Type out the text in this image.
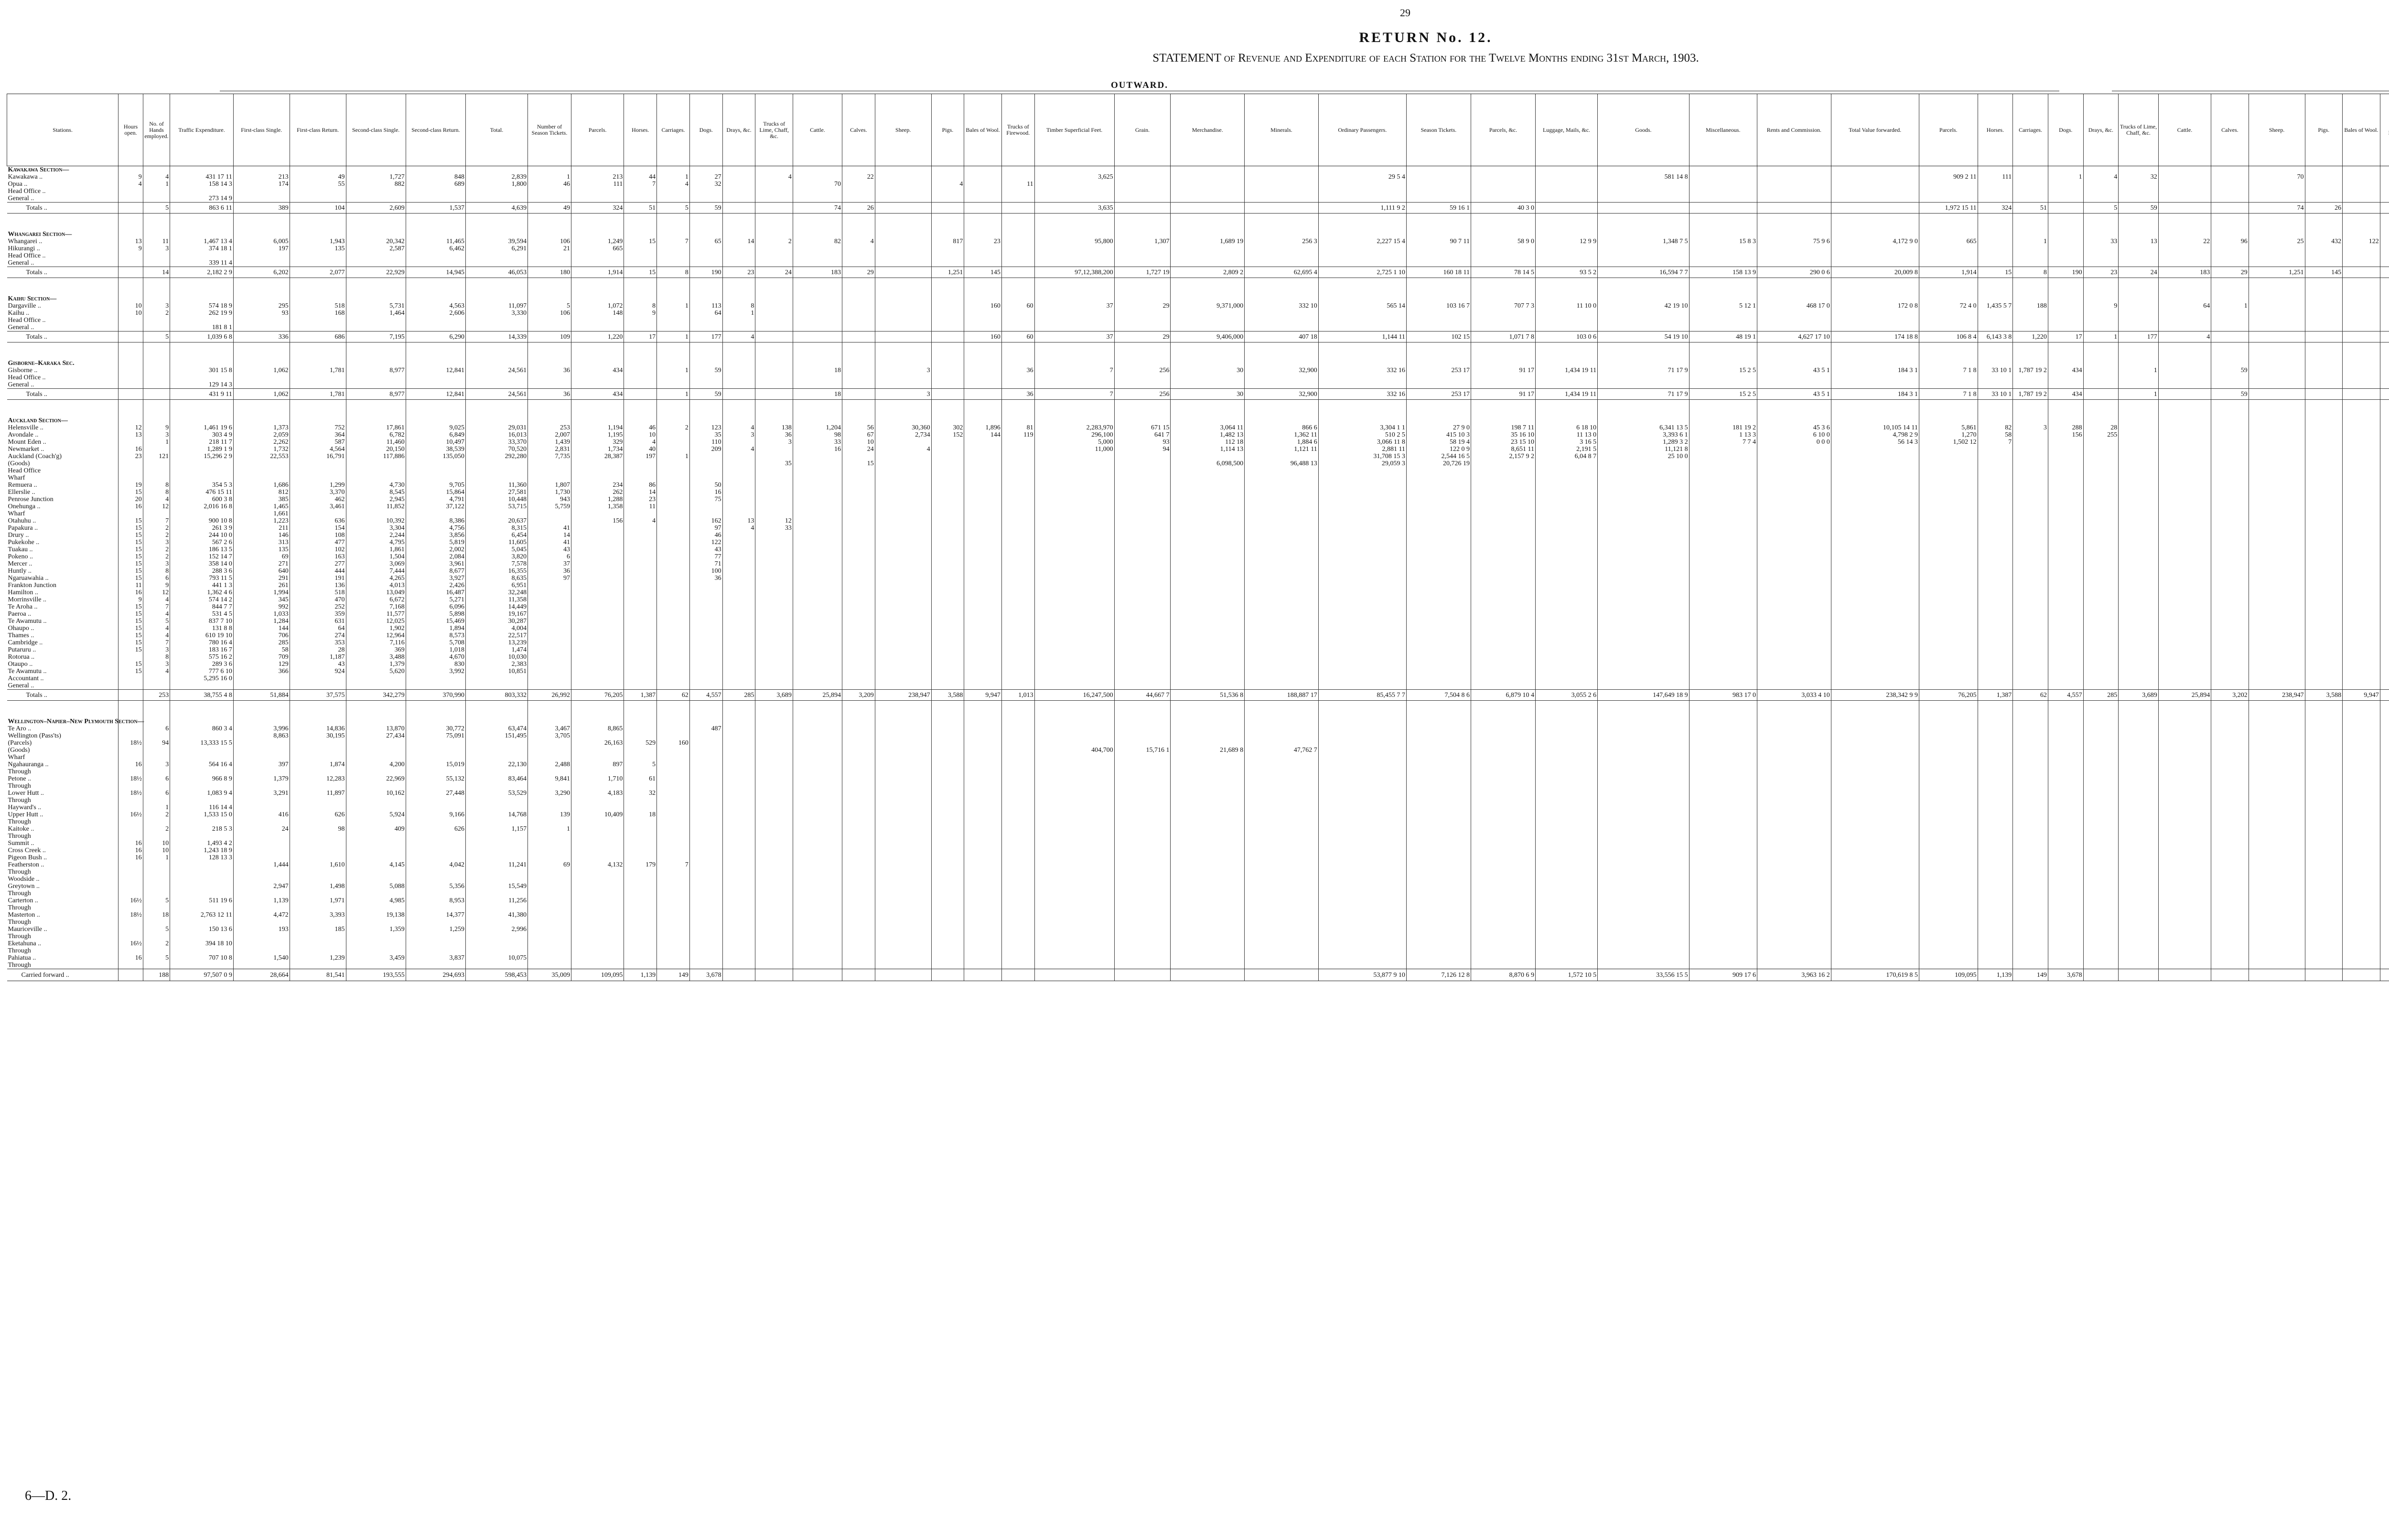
29
RETURN No. 12.
STATEMENT of Revenue and Expenditure of each Station for the Twelve Months ending 31st March, 1903.
OUTWARD.
Stations.	Hours open.	No. of Hands employed.	Traffic Expenditure.	First-class Single.	First-class Return.	Second-class Single.	Second-class Return.	Total.	Number of Season Tickets.	Parcels.	Horses.	Carriages.	Dogs.	Drays, &c.	Trucks of Lime, Chaff, &c.	Cattle.	Calves.	Sheep.	Pigs.	Bales of Wool.	Trucks of Firewood.	Timber Superficial Feet.	Grain.	Merchandise.	Minerals.	Ordinary Passengers.	Season Tickets.	Parcels, &c.	Luggage, Mails, &c.	Goods.	Miscellaneous.	Rents and Commission.	Total Value forwarded.	Parcels.	Horses.	Carriages.	Dogs.	Drays, &c.	Trucks of Lime, Chaff, &c.	Cattle.	Calves.	Sheep.	Pigs.	Bales of Wool.						
Kawakawa Section—																																																		
Kawakawa ..	9	4	431 17 11	213	49	1,727	848	2,839	1	213	44	1	27		4		22					3,625				29 5 4				581 14 8				909 2 11	111		1	4	32			70								
Opua ..	4	1	158 14 3	174	55	882	689	1,800	46	111	7	4	32			70			4		11																													
Head Office ..																																																		
General ..			273 14 9																																															
Totals ..		5	863 6 11	389	104	2,609	1,537	4,639	49	324	51	5	59			74	26					3,635				1,111 9 2	59 16 1	40 3 0						1,972 15 11	324	51		5	59			74	26							

Whangarei Section—																																																		
Whangarei ..	13	11	1,467 13 4	6,005	1,943	20,342	11,465	39,594	106	1,249	15	7	65	14	2	82	4		817	23		95,800	1,307	1,689 19	256 3	2,227 15 4	90 7 11	58 9 0	12 9 9	1,348 7 5	15 8 3	75 9 6	4,172 9 0	665		1		33	13	22	96	25	432	122						
Hikurangi ..	9	3	374 18 1	197	135	2,587	6,462	6,291	21	665																																								
Head Office ..																																																		
General ..			339 11 4																																															
Totals ..		14	2,182 2 9	6,202	2,077	22,929	14,945	46,053	180	1,914	15	8	190	23	24	183	29		1,251	145		97,12,388,200	1,727 19	2,809 2	62,695 4	2,725 1 10	160 18 11	78 14 5	93 5 2	16,594 7 7	158 13 9	290 0 6	20,009 8	1,914	15	8	190	23	24	183	29	1,251	145							

Kaihu Section—																																																		
Dargaville ..	10	3	574 18 9	295	518	5,731	4,563	11,097	5	1,072	8	1	113	8						160	60	37	29	9,371,000	332 10	565 14	103 16 7	707 7 3	11 10 0	42 19 10	5 12 1	468 17 0	172 0 8	72 4 0	1,435 5 7	188		9		64	1									
Kaihu ..	10	2	262 19 9	93	168	1,464	2,606	3,330	106	148	9		64	1																																				
Head Office ..																																																		
General ..			181 8 1																																															
Totals ..		5	1,039 6 8	336	686	7,195	6,290	14,339	109	1,220	17	1	177	4						160	60	37	29	9,406,000	407 18	1,144 11	102 15	1,071 7 8	103 0 6	54 19 10	48 19 1	4,627 17 10	174 18 8	106 8 4	6,143 3 8	1,220	17	1	177	4										

Gisborne–Karaka Sec.																																																		
Gisborne ..			301 15 8	1,062	1,781	8,977	12,841	24,561	36	434		1	59			18		3			36	7	256	30	32,900	332 16	253 17	91 17	1,434 19 11	71 17 9	15 2 5	43 5 1	184 3 1	7 1 8	33 10 1	1,787 19 2	434		1		59									
Head Office ..																																																		
General ..			129 14 3																																															
Totals ..			431 9 11	1,062	1,781	8,977	12,841	24,561	36	434		1	59			18		3			36	7	256	30	32,900	332 16	253 17	91 17	1,434 19 11	71 17 9	15 2 5	43 5 1	184 3 1	7 1 8	33 10 1	1,787 19 2	434		1		59									

Auckland Section—																																																		
Helensville ..	12	9	1,461 19 6	1,373	752	17,861	9,025	29,031	253	1,194	46	2	123	4	138	1,204	56	30,360	302	1,896	81	2,283,970	671 15	3,064 11	866 6	3,304 1 1	27 9 0	198 7 11	6 18 10	6,341 13 5	181 19 2	45 3 6	10,105 14 11	5,861	82	3	288	28												
Avondale ..	13	3	303 4 9	2,059	364	6,782	6,849	16,013	2,007	1,195	10		35	3	36	98	67	2,734	152	144	119	296,100	641 7	1,482 13	1,362 11	510 2 5	415 10 3	35 16 10	11 13 0	3,393 6 1	1 13 3	6 10 0	4,798 2 9	1,270	58		156	255												
Mount Eden ..		1	218 11 7	2,262	587	11,460	10,497	33,370	1,439	329	4		110		3	33	10					5,000	93	112 18	1,884 6	3,066 11 8	58 19 4	23 15 10	3 16 5	1,289 3 2	7 7 4	0 0 0	56 14 3	1,502 12	7															
Newmarket ..	16		1,289 1 9	1,732	4,564	20,150	38,539	70,520	2,831	1,734	40		209	4		16	24	4				11,000	94	1,114 13	1,121 11	2,881 11	122 0 9	8,651 11	2,191 5	11,121 8																				
Auckland (Coach'g)	23	121	15,296 2 9	22,553	16,791	117,886	135,050	292,280	7,735	28,387	197	1														31,708 15 3	2,544 16 5	2,157 9 2	6,04 8 7	25 10 0																				
(Goods)															35		15							6,098,500	96,488 13	29,059 3	20,726 19																							
Head Office																																																		
Wharf																																																		
Remuera ..	19	8	354 5 3	1,686	1,299	4,730	9,705	11,360	1,807	234	86		50																																					
Ellerslie ..	15	8	476 15 11	812	3,370	8,545	15,864	27,581	1,730	262	14		16																																					
Penrose Junction	20	4	600 3 8	385	462	2,945	4,791	10,448	943	1,288	23		75																																					
Onehunga ..	16	12	2,016 16 8	1,465	3,461	11,852	37,122	53,715	5,759	1,358	11																																							
Wharf				1,661																																														
Otahuhu ..	15	7	900 10 8	1,223	636	10,392	8,386	20,637		156	4		162	13	12																																			
Papakura ..	15	2	261 3 9	211	154	3,304	4,756	8,315	41				97	4	33																																			
Drury ..	15	2	244 10 0	146	108	2,244	3,856	6,454	14				46																																					
Pukekohe ..	15	3	567 2 6	313	477	4,795	5,819	11,605	41				122																																					
Tuakau ..	15	2	186 13 5	135	102	1,861	2,002	5,045	43				43																																					
Pokeno ..	15	2	152 14 7	69	163	1,504	2,084	3,820	6				77																																					
Mercer ..	15	3	358 14 0	271	277	3,069	3,961	7,578	37				71																																					
Huntly ..	15	8	288 3 6	640	444	7,444	8,677	16,355	36				100																																					
Ngaruawahia ..	15	6	793 11 5	291	191	4,265	3,927	8,635	97				36																																					
Frankton Junction	11	9	441 1 3	261	136	4,013	2,426	6,951																																										
Hamilton ..	16	12	1,362 4 6	1,994	518	13,049	16,487	32,248																																										
Morrinsville ..	9	4	574 14 2	345	470	6,672	5,271	11,358																																										
Te Aroha ..	15	7	844 7 7	992	252	7,168	6,096	14,449																																										
Paeroa ..	15	4	531 4 5	1,033	359	11,577	5,898	19,167																																										
Te Awamutu ..	15	5	837 7 10	1,284	631	12,025	15,469	30,287																																										
Ohaupo ..	15	4	131 8 8	144	64	1,902	1,894	4,004																																										
Thames ..	15	4	610 19 10	706	274	12,964	8,573	22,517																																										
Cambridge ..	15	7	780 16 4	285	353	7,116	5,708	13,239																																										
Putaruru ..	15	3	183 16 7	58	28	369	1,018	1,474																																										
Rotorua ..		8	575 16 2	709	1,187	3,488	4,670	10,030																																										
Otaupo ..	15	3	289 3 6	129	43	1,379	830	2,383																																										
Te Awamutu ..	15	4	777 6 10	366	924	5,620	3,992	10,851																																										
Accountant ..			5,295 16 0																																															
General ..																																																		
Totals ..		253	38,755 4 8	51,884	37,575	342,279	370,990	803,332	26,992	76,205	1,387	62	4,557	285	3,689	25,894	3,209	238,947	3,588	9,947	1,013	16,247,500	44,667 7	51,536 8	188,887 17	85,455 7 7	7,504 8 6	6,879 10 4	3,055 2 6	147,649 18 9	983 17 0	3,033 4 10	238,342 9 9	76,205	1,387	62	4,557	285	3,689	25,894	3,202	238,947	3,588	9,947						

Wellington–Napier–New Plymouth Section—																																																		
Te Aro ..		6	860 3 4	3,996	14,836	13,870	30,772	63,474	3,467	8,865			487																																					
Wellington (Pass'ts)				8,863	30,195	27,434	75,091	151,495	3,705																																									
(Parcels)	18½	94	13,333 15 5							26,163	529	160																																						
(Goods)																						404,700	15,716 1	21,689 8	47,762 7																									
Wharf																																																		
Ngahauranga ..	16	3	564 16 4	397	1,874	4,200	15,019	22,130	2,488	897	5																																							
Through																																																		
Petone ..	18½	6	966 8 9	1,379	12,283	22,969	55,132	83,464	9,841	1,710	61																																							
Through																																																		
Lower Hutt ..	18½	6	1,083 9 4	3,291	11,897	10,162	27,448	53,529	3,290	4,183	32																																							
Through																																																		
Hayward's ..		1	116 14 4																																															
Upper Hutt ..	16½	2	1,533 15 0	416	626	5,924	9,166	14,768	139	10,409	18																																							
Through																																																		
Kaitoke ..		2	218 5 3	24	98	409	626	1,157	1																																									
Through																																																		
Summit ..	16	10	1,493 4 2																																															
Cross Creek ..	16	10	1,243 18 9																																															
Pigeon Bush ..	16	1	128 13 3																																															
Featherston ..				1,444	1,610	4,145	4,042	11,241	69	4,132	179	7																																						
Through																																																		
Woodside ..																																																		
Greytown ..				2,947	1,498	5,088	5,356	15,549																																										
Through																																																		
Carterton ..	16½	5	511 19 6	1,139	1,971	4,985	8,953	11,256																																										
Through																																																		
Masterton ..	18½	18	2,763 12 11	4,472	3,393	19,138	14,377	41,380																																										
Through																																																		
Mauriceville ..		5	150 13 6	193	185	1,359	1,259	2,996																																										
Through																																																		
Eketahuna ..	16½	2	394 18 10																																															
Through																																																		
Pahiatua ..	16	5	707 10 8	1,540	1,239	3,459	3,837	10,075																																										
Through																																																		
Carried forward ..		188	97,507 0 9	28,664	81,541	193,555	294,693	598,453	35,009	109,095	1,139	149	3,678													53,877 9 10	7,126 12 8	8,870 6 9	1,572 10 5	33,556 15 5	909 17 6	3,963 16 2	170,619 8 5	109,095	1,139	149	3,678													
6—D. 2.
